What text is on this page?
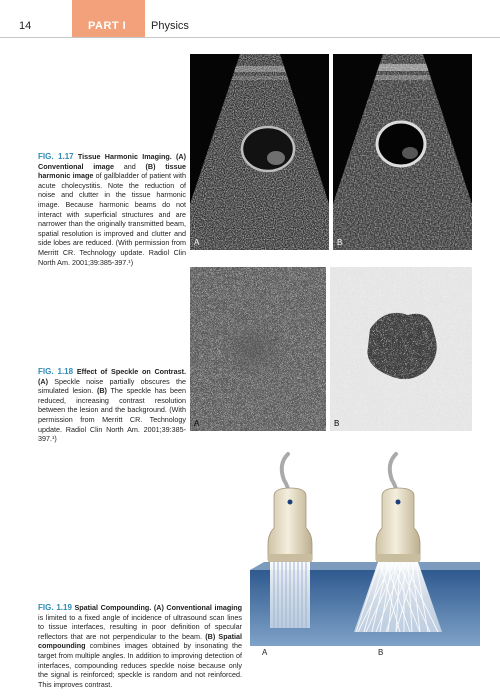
14	PART I Physics

FIG. 1.17 Tissue Harmonic Imaging. (A) Conventional image and (B) tissue harmonic image of gallbladder of patient with acute cholecystitis. Note the reduction of noise and clutter in the tissue harmonic image. Because harmonic beams do not interact with superficial structures and are narrower than the originally transmitted beam, spatial resolution is improved and clutter and side lobes are reduced. (With permission from Merritt CR. Technology update. Radiol Clin North Am. 2001;39:385-397.¹)

A	B

FIG. 1.18 Effect of Speckle on Contrast. (A) Speckle noise partially obscures the simulated lesion. (B) The speckle has been reduced, increasing contrast resolution between the lesion and the background. (With permission from Merritt CR. Technology update. Radiol Clin North Am. 2001;39:385-397.¹)

A	B

FIG. 1.19 Spatial Compounding. (A) Conventional imaging is limited to a fixed angle of incidence of ultrasound scan lines to tissue interfaces, resulting in poor definition of specular reflectors that are not perpendicular to the beam. (B) Spatial compounding combines images obtained by insonating the target from multiple angles. In addition to improving detection of interfaces, compounding reduces speckle noise because only the signal is reinforced; speckle is random and not reinforced. This improves contrast.

A	B
